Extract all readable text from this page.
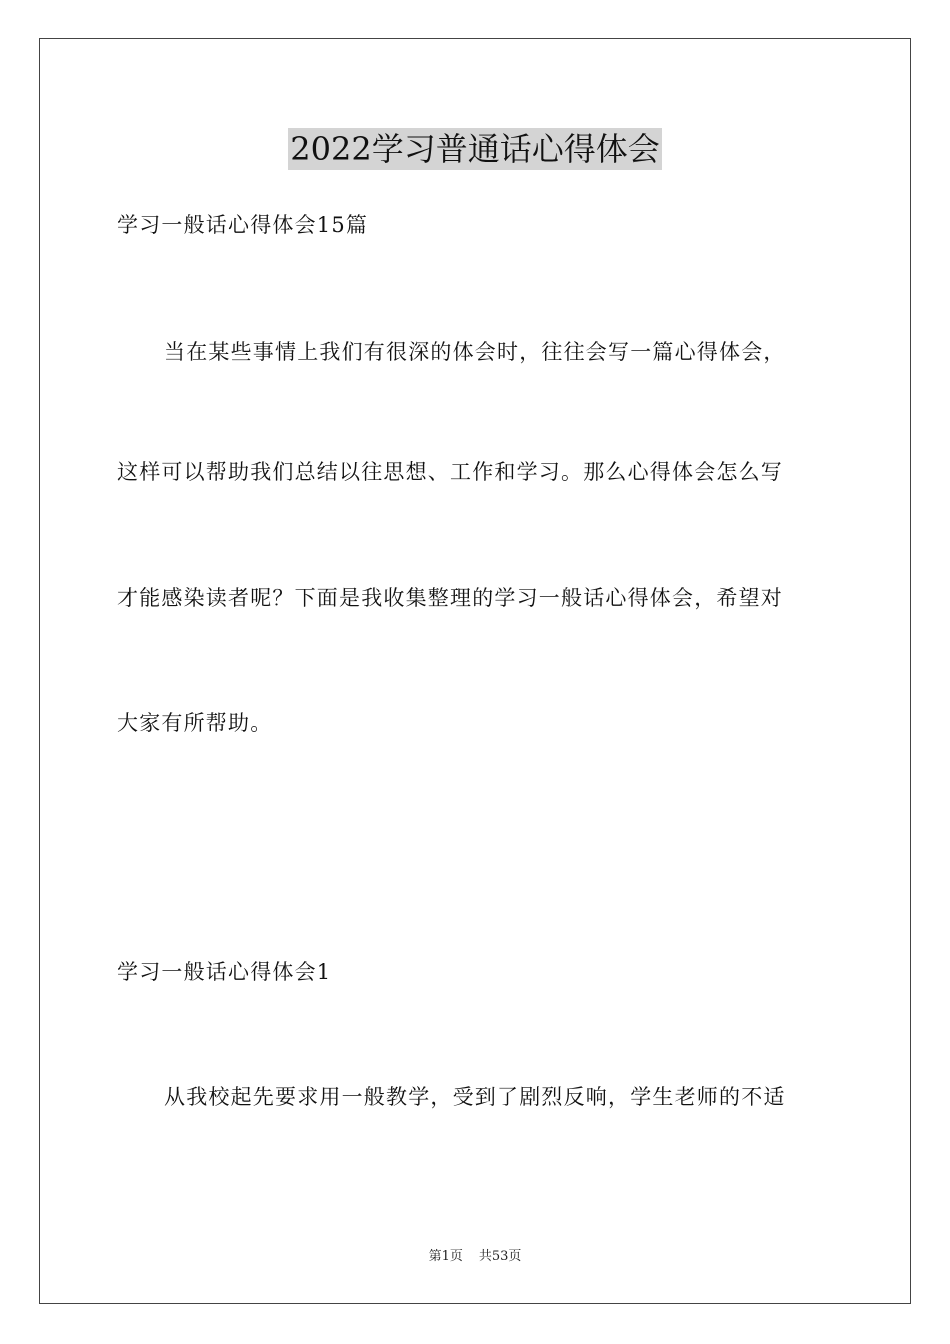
2022学习普通话心得体会
学习一般话心得体会15篇
当在某些事情上我们有很深的体会时，往往会写一篇心得体会，
这样可以帮助我们总结以往思想、工作和学习。那么心得体会怎么写
才能感染读者呢？下面是我收集整理的学习一般话心得体会，希望对
大家有所帮助。
学习一般话心得体会1
从我校起先要求用一般教学，受到了剧烈反响，学生老师的不适
第1页 共53页
